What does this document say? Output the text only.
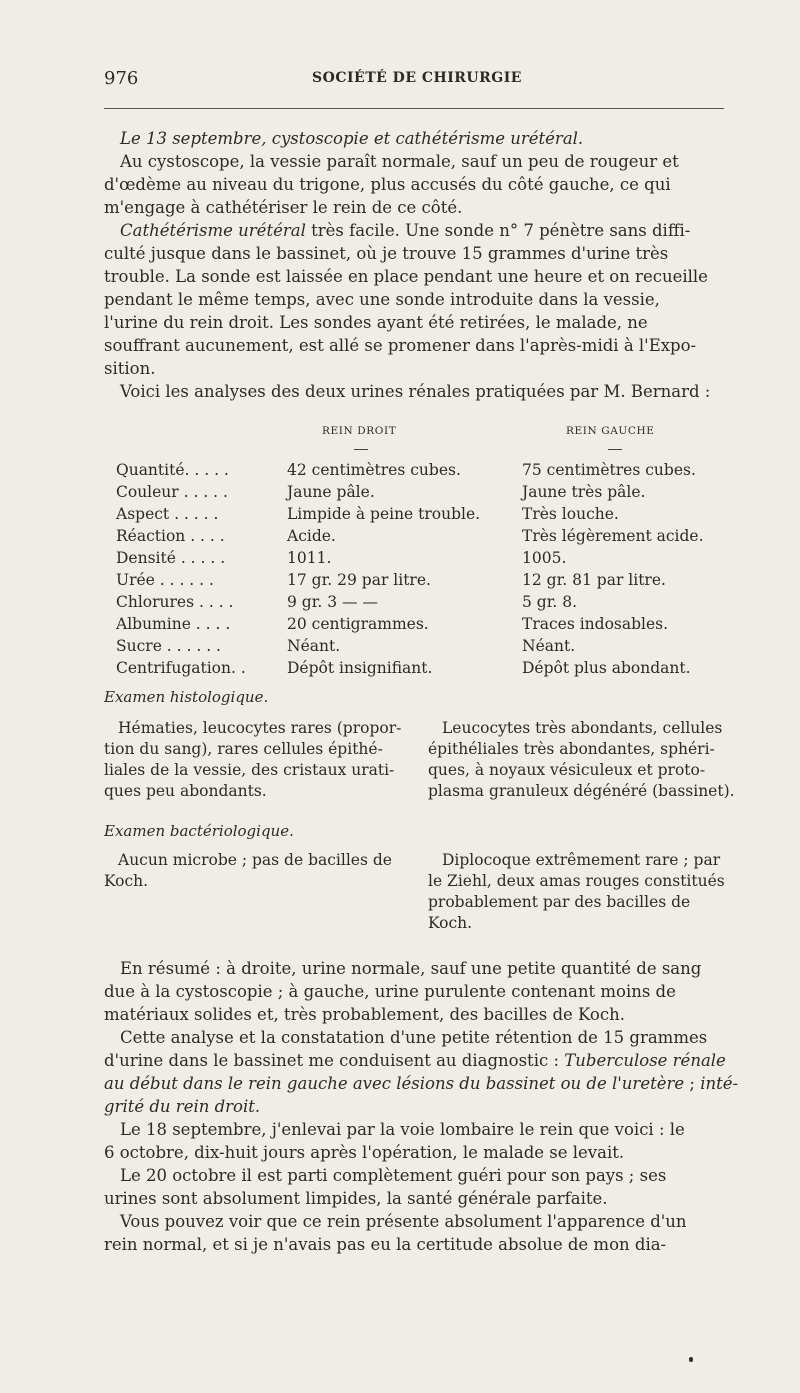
976	SOCIÉTÉ DE CHIRURGIE
Le 13 septembre, cystoscopie et cathétérisme urétéral.
Au cystoscope, la vessie paraît normale, sauf un peu de rougeur et
d'œdème au niveau du trigone, plus accusés du côté gauche, ce qui
m'engage à cathétériser le rein de ce côté.
Cathétérisme urétéral très facile. Une sonde n° 7 pénètre sans diffi-
culté jusque dans le bassinet, où je trouve 15 grammes d'urine très
trouble. La sonde est laissée en place pendant une heure et on recueille
pendant le même temps, avec une sonde introduite dans la vessie,
l'urine du rein droit. Les sondes ayant été retirées, le malade, ne
souffrant aucunement, est allé se promener dans l'après-midi à l'Expo-
sition.
Voici les analyses des deux urines rénales pratiquées par M. Bernard :
REIN DROIT	REIN GAUCHE
Quantité. . . . .	42 centimètres cubes.	75 centimètres cubes.
Couleur . . . . .	Jaune pâle.	Jaune très pâle.
Aspect . . . . .	Limpide à peine trouble.	Très louche.
Réaction . . . .	Acide.	Très légèrement acide.
Densité . . . . .	1011.	1005.
Urée . . . . . .	17 gr. 29 par litre.	12 gr. 81 par litre.
Chlorures . . . .	9 gr. 3 — —	5 gr. 8.
Albumine . . . .	20 centigrammes.	Traces indosables.
Sucre . . . . . .	Néant.	Néant.
Centrifugation. .	Dépôt insignifiant.	Dépôt plus abondant.
Examen histologique.
Hématies, leucocytes rares (propor-
tion du sang), rares cellules épithé-
liales de la vessie, des cristaux urati-
ques peu abondants.
Leucocytes très abondants, cellules
épithéliales très abondantes, sphéri-
ques, à noyaux vésiculeux et proto-
plasma granuleux dégénéré (bassinet).
Examen bactériologique.
Aucun microbe ; pas de bacilles de
Koch.
Diplocoque extrêmement rare ; par
le Ziehl, deux amas rouges constitués
probablement par des bacilles de
Koch.
En résumé : à droite, urine normale, sauf une petite quantité de sang
due à la cystoscopie ; à gauche, urine purulente contenant moins de
matériaux solides et, très probablement, des bacilles de Koch.
Cette analyse et la constatation d'une petite rétention de 15 grammes
d'urine dans le bassinet me conduisent au diagnostic : Tuberculose rénale
au début dans le rein gauche avec lésions du bassinet ou de l'uretère ; inté-
grité du rein droit.
Le 18 septembre, j'enlevai par la voie lombaire le rein que voici : le
6 octobre, dix-huit jours après l'opération, le malade se levait.
Le 20 octobre il est parti complètement guéri pour son pays ; ses
urines sont absolument limpides, la santé générale parfaite.
Vous pouvez voir que ce rein présente absolument l'apparence d'un
rein normal, et si je n'avais pas eu la certitude absolue de mon dia-
